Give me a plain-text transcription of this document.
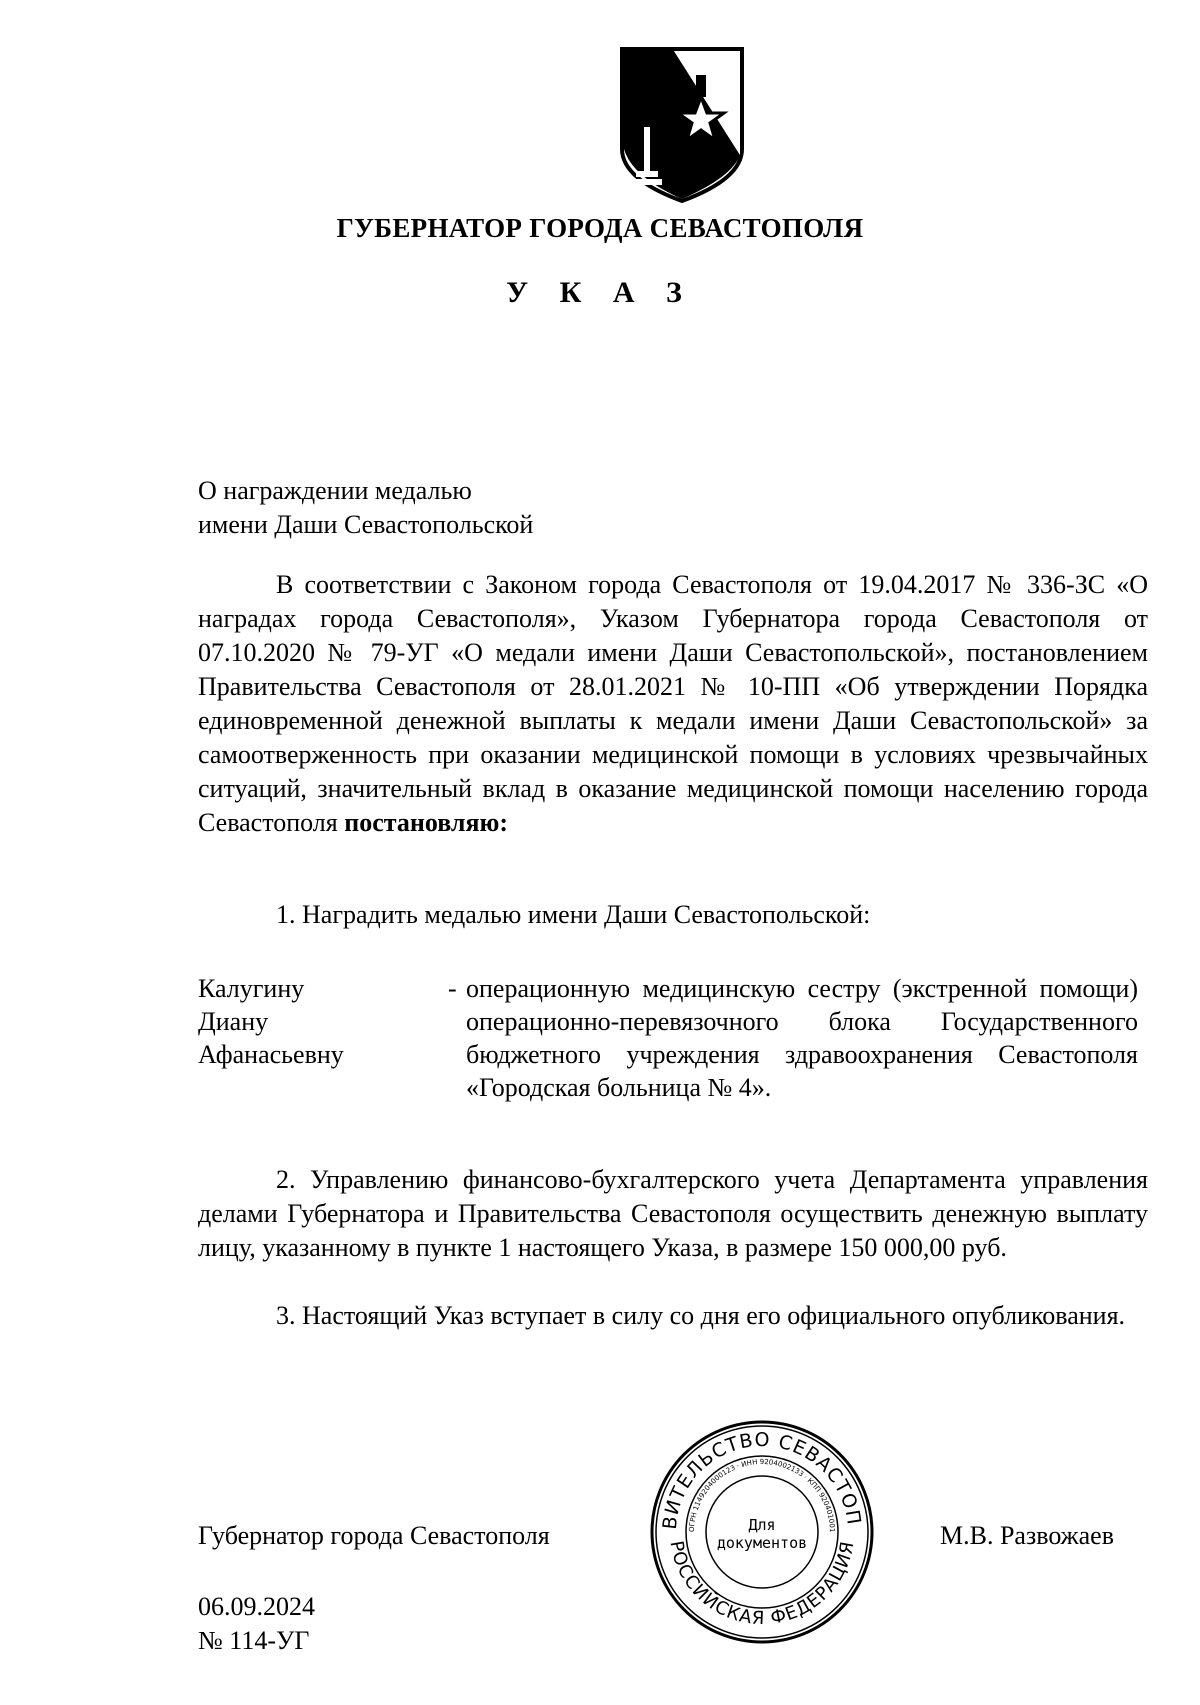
ГУБЕРНАТОР ГОРОДА СЕВАСТОПОЛЯ
У К А З
О награждении медалью
имени Даши Севастопольской
В соответствии с Законом города Севастополя от 19.04.2017 № 336-ЗС «О наградах города Севастополя», Указом Губернатора города Севастополя от 07.10.2020 № 79-УГ «О медали имени Даши Севастопольской», постановлением Правительства Севастополя от 28.01.2021 № 10-ПП «Об утверждении Порядка единовременной денежной выплаты к медали имени Даши Севастопольской» за самоотверженность при оказании медицинской помощи в условиях чрезвычайных ситуаций, значительный вклад в оказание медицинской помощи населению города Севастополя постановляю:
1. Наградить медалью имени Даши Севастопольской:
Калугину
Диану
Афанасьевну
- операционную медицинскую сестру (экстренной помощи) операционно-перевязочного блока Государственного бюджетного учреждения здравоохранения Севастополя «Городская больница № 4».
2. Управлению финансово-бухгалтерского учета Департамента управления делами Губернатора и Правительства Севастополя осуществить денежную выплату лицу, указанному в пункте 1 настоящего Указа, в размере 150 000,00 руб.
3. Настоящий Указ вступает в силу со дня его официального опубликования.
Губернатор города Севастополя	ВИТЕЛЬСТВО СЕВАСТОП
РОССИЙСКАЯ ФЕДЕРАЦИЯ
ОГРН 1149204000123 · ИНН 9204002133 · КПП 920401001
Для
документов	М.В. Развожаев
06.09.2024
№ 114-УГ
